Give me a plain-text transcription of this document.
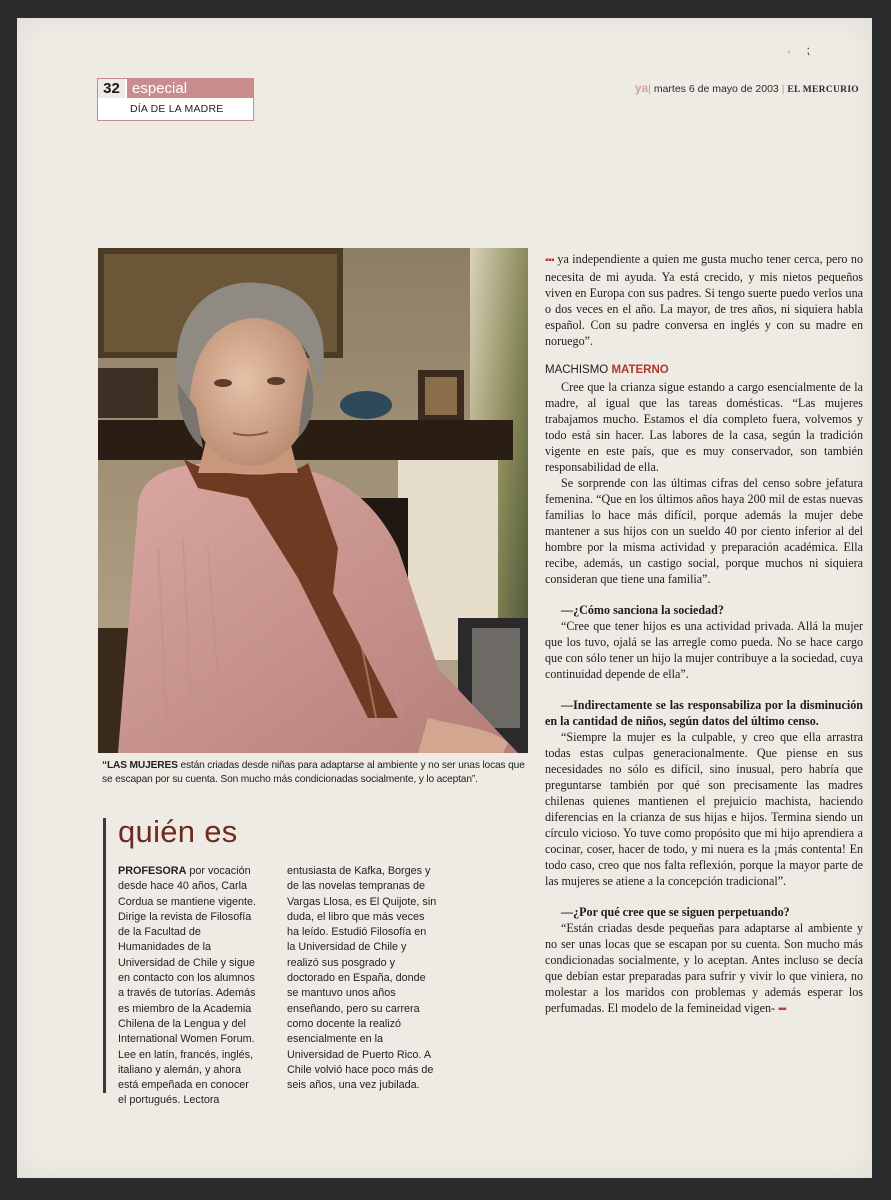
˒     ⁏
32 especial
DÍA DE LA MADRE
ya| martes 6 de mayo de 2003 | EL MERCURIO
“LAS MUJERES están criadas desde niñas para adaptarse al ambiente y no ser unas locas que se escapan por su cuenta. Son mucho más condicionadas socialmente, y lo aceptan”.
quién es
PROFESORA por vocación desde hace 40 años, Carla Cordua se mantiene vigente. Dirige la revista de Filosofía de la Facultad de Humanidades de la Universidad de Chile y sigue en contacto con los alumnos a través de tutorías. Además es miembro de la Academia Chilena de la Lengua y del International Women Forum. Lee en latín, francés, inglés, italiano y alemán, y ahora está empeñada en conocer el portugués. Lectora
entusiasta de Kafka, Borges y de las novelas tempranas de Vargas Llosa, es El Quijote, sin duda, el libro que más veces ha leído. Estudió Filosofía en la Universidad de Chile y realizó sus posgrado y doctorado en España, donde se mantuvo unos años enseñando, pero su carrera como docente la realizó esencialmente en la Universidad de Puerto Rico. A Chile volvió hace poco más de seis años, una vez jubilada.

▪▪▪ ya independiente a quien me gusta mucho tener cerca, pero no necesita de mi ayuda. Ya está crecido, y mis nietos pequeños viven en Europa con sus padres. Si tengo suerte puedo verlos una o dos veces en el año. La mayor, de tres años, ni siquiera habla español. Con su padre conversa en inglés y con su madre en noruego”.

MACHISMO MATERNO

Cree que la crianza sigue estando a cargo esencialmente de la madre, al igual que las tareas domésticas. “Las mujeres trabajamos mucho. Estamos el día completo fuera, volvemos y todo está sin hacer. Las labores de la casa, según la tradición vigente en este país, que es muy conservador, son también responsabilidad de ella.

Se sorprende con las últimas cifras del censo sobre jefatura femenina. “Que en los últimos años haya 200 mil de estas nuevas familias lo hace más difícil, porque además la mujer debe mantener a sus hijos con un sueldo 40 por ciento inferior al del hombre por la misma actividad y preparación académica. Ella recibe, además, un castigo social, porque muchos ni siquiera consideran que tiene una familia”.

—¿Cómo sanciona la sociedad?

“Cree que tener hijos es una actividad privada. Allá la mujer que los tuvo, ojalá se las arregle como pueda. No se hace cargo que con sólo tener un hijo la mujer contribuye a la sociedad, cuya continuidad depende de ella”.

—Indirectamente se las responsabiliza por la disminución en la cantidad de niños, según datos del último censo.

“Siempre la mujer es la culpable, y creo que ella arrastra todas estas culpas generacionalmente. Que piense en sus necesidades no sólo es difícil, sino inusual, pero habría que preguntarse también por qué son precisamente las madres chilenas quienes mantienen el prejuicio machista, haciendo diferencias en la crianza de sus hijas e hijos. Termina siendo un círculo vicioso. Yo tuve como propósito que mi hijo aprendiera a cocinar, coser, hacer de todo, y mi nuera es la ¡más contenta! En todo caso, creo que nos falta reflexión, porque la mayor parte de las mujeres se atiene a la concepción tradicional”.

—¿Por qué cree que se siguen perpetuando?

“Están criadas desde pequeñas para adaptarse al ambiente y no ser unas locas que se escapan por su cuenta. Son mucho más condicionadas socialmente, y lo aceptan. Antes incluso se decía que debían estar preparadas para sufrir y vivir lo que viniera, no molestar a los maridos con problemas y además esperar los perfumadas. El modelo de la femineidad vigen- ▪▪▪
